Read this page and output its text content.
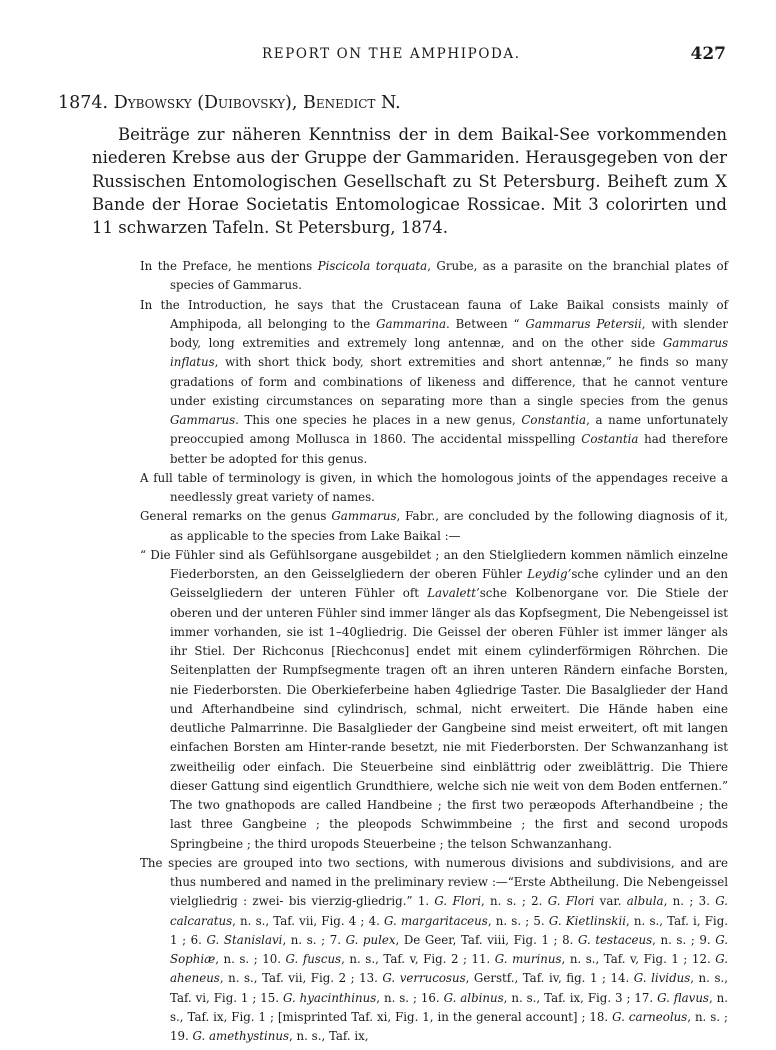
REPORT ON THE AMPHIPODA.	427
1874. Dybowsky (Duibovsky), Benedict N.

Beiträge zur näheren Kenntniss der in dem Baikal-See vorkommenden niederen Krebse aus der Gruppe der Gammariden. Herausgegeben von der Russischen Entomologischen Gesellschaft zu St Petersburg. Beiheft zum X Bande der Horae Societatis Entomologicae Rossicae. Mit 3 colorirten und 11 schwarzen Tafeln. St Petersburg, 1874.

In the Preface, he mentions Piscicola torquata, Grube, as a parasite on the branchial plates of species of Gammarus.

In the Introduction, he says that the Crustacean fauna of Lake Baikal consists mainly of Amphipoda, all belonging to the Gammarina. Between “ Gammarus Petersii, with slender body, long extremities and extremely long antennæ, and on the other side Gammarus inflatus, with short thick body, short extremities and short antennæ,” he finds so many gradations of form and combinations of likeness and difference, that he cannot venture under existing circumstances on separating more than a single species from the genus Gammarus. This one species he places in a new genus, Constantia, a name unfortunately preoccupied among Mollusca in 1860. The accidental misspelling Costantia had therefore better be adopted for this genus.

A full table of terminology is given, in which the homologous joints of the appendages receive a needlessly great variety of names.

General remarks on the genus Gammarus, Fabr., are concluded by the following diagnosis of it, as applicable to the species from Lake Baikal :—

“ Die Fühler sind als Gefühlsorgane ausgebildet ; an den Stielgliedern kommen nämlich einzelne Fiederborsten, an den Geisselgliedern der oberen Fühler Leydig’sche cylinder und an den Geisselgliedern der unteren Fühler oft Lavalett’sche Kolbenorgane vor. Die Stiele der oberen und der unteren Fühler sind immer länger als das Kopfsegment, Die Nebengeissel ist immer vorhanden, sie ist 1–40gliedrig. Die Geissel der oberen Fühler ist immer länger als ihr Stiel. Der Richconus [Riechconus] endet mit einem cylinderförmigen Röhrchen. Die Seitenplatten der Rumpfsegmente tragen oft an ihren unteren Rändern einfache Borsten, nie Fiederborsten. Die Oberkieferbeine haben 4gliedrige Taster. Die Basalglieder der Hand und Afterhandbeine sind cylindrisch, schmal, nicht erweitert. Die Hände haben eine deutliche Palmarrinne. Die Basalglieder der Gangbeine sind meist erweitert, oft mit langen einfachen Borsten am Hinter-rande besetzt, nie mit Fiederborsten. Der Schwanzanhang ist zweitheilig oder einfach. Die Steuerbeine sind einblättrig oder zweiblättrig. Die Thiere dieser Gattung sind eigentlich Grundthiere, welche sich nie weit von dem Boden entfernen.” The two gnathopods are called Handbeine ; the first two peræopods Afterhandbeine ; the last three Gangbeine ; the pleopods Schwimmbeine ; the first and second uropods Springbeine ; the third uropods Steuerbeine ; the telson Schwanzanhang.

The species are grouped into two sections, with numerous divisions and subdivisions, and are thus numbered and named in the preliminary review :—“Erste Abtheilung. Die Nebengeissel vielgliedrig : zwei- bis vierzig-gliedrig.” 1. G. Flori, n. s. ; 2. G. Flori var. albula, n. ; 3. G. calcaratus, n. s., Taf. vii, Fig. 4 ; 4. G. margaritaceus, n. s. ; 5. G. Kietlinskii, n. s., Taf. i, Fig. 1 ; 6. G. Stanislavi, n. s. ; 7. G. pulex, De Geer, Taf. viii, Fig. 1 ; 8. G. testaceus, n. s. ; 9. G. Sophiæ, n. s. ; 10. G. fuscus, n. s., Taf. v, Fig. 2 ; 11. G. murinus, n. s., Taf. v, Fig. 1 ; 12. G. aheneus, n. s., Taf. vii, Fig. 2 ; 13. G. verrucosus, Gerstf., Taf. iv, fig. 1 ; 14. G. lividus, n. s., Taf. vi, Fig. 1 ; 15. G. hyacinthinus, n. s. ; 16. G. albinus, n. s., Taf. ix, Fig. 3 ; 17. G. flavus, n. s., Taf. ix, Fig. 1 ; [misprinted Taf. xi, Fig. 1, in the general account] ; 18. G. carneolus, n. s. ; 19. G. amethystinus, n. s., Taf. ix,
